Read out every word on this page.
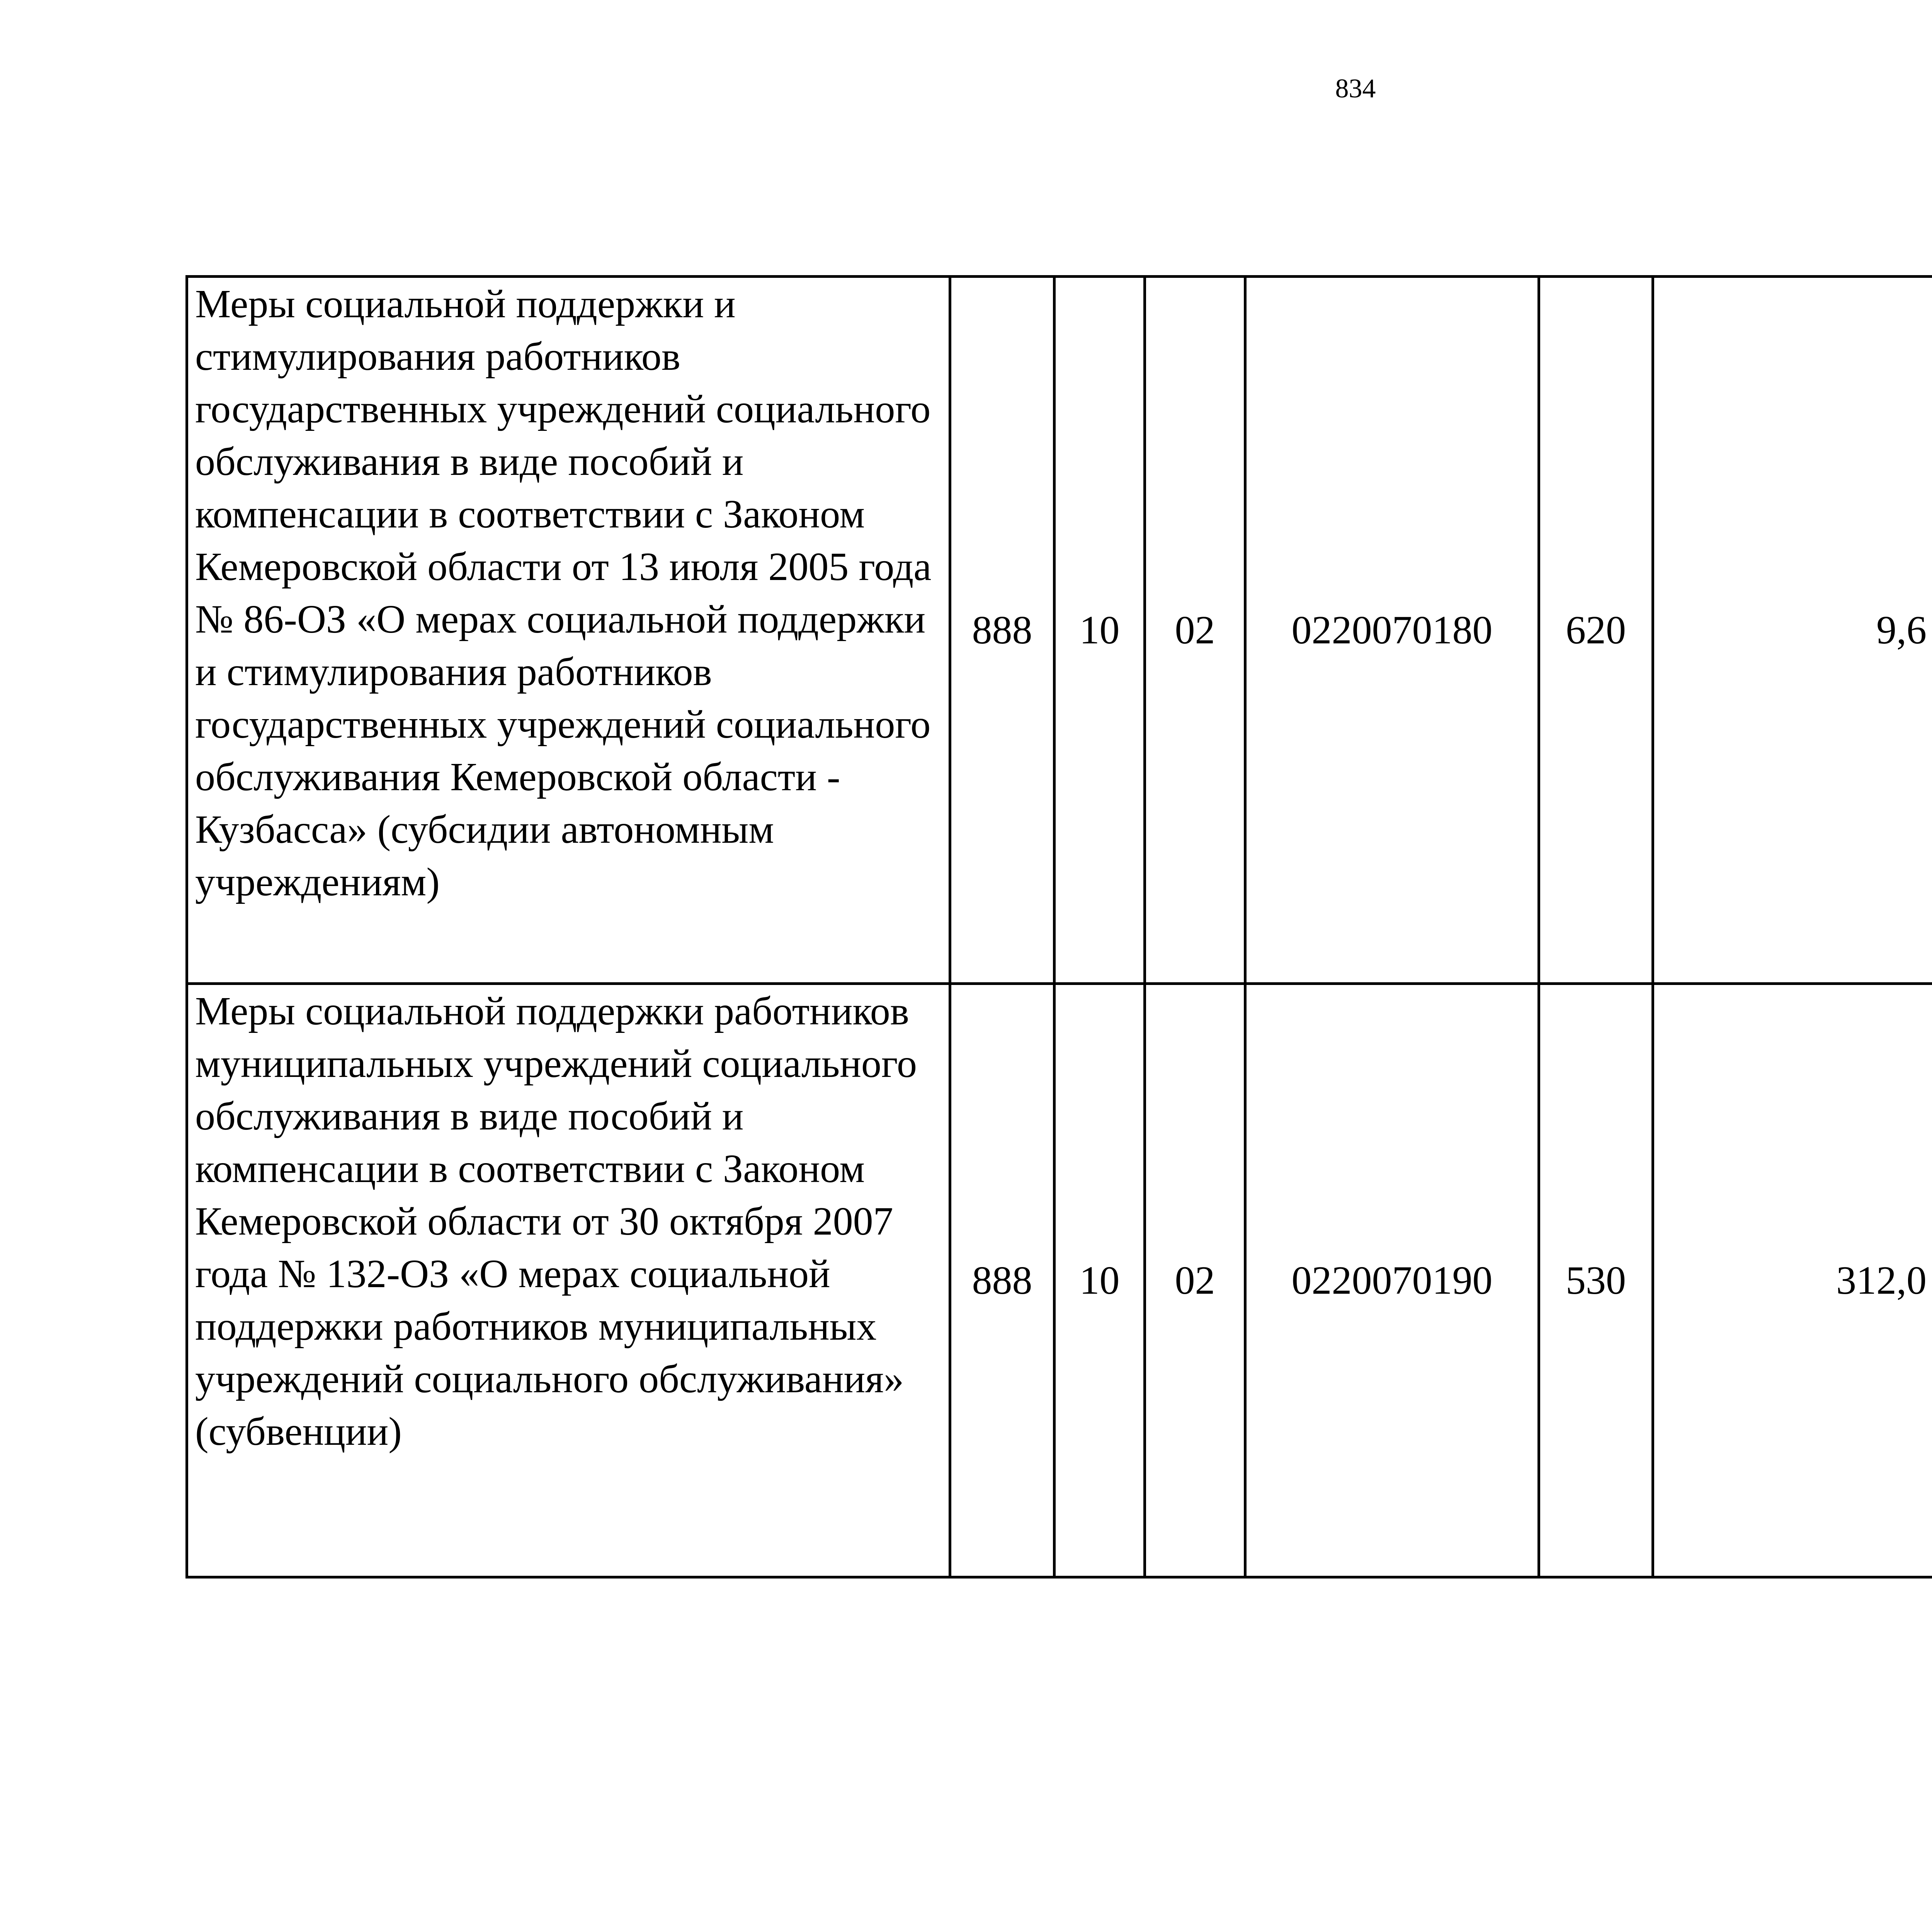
834
Меры социальной поддержки и стимулирования работников государственных учреждений социального обслуживания в виде пособий и компенсации в соответствии с Законом Кемеровской области от 13 июля 2005 года № 86-ОЗ «О мерах социальной поддержки и стимулирования работников государственных учреждений социального обслуживания Кемеровской области - Кузбасса» (субсидии автономным учреждениям)	888	10	02	0220070180	620	9,6		
Меры социальной поддержки работников муниципальных учреждений социального обслуживания в виде пособий и компенсации в соответствии с Законом Кемеровской области от 30 октября 2007 года № 132-ОЗ «О мерах социальной поддержки работников муниципальных учреждений социального обслуживания» (субвенции)	888	10	02	0220070190	530	312,0		
